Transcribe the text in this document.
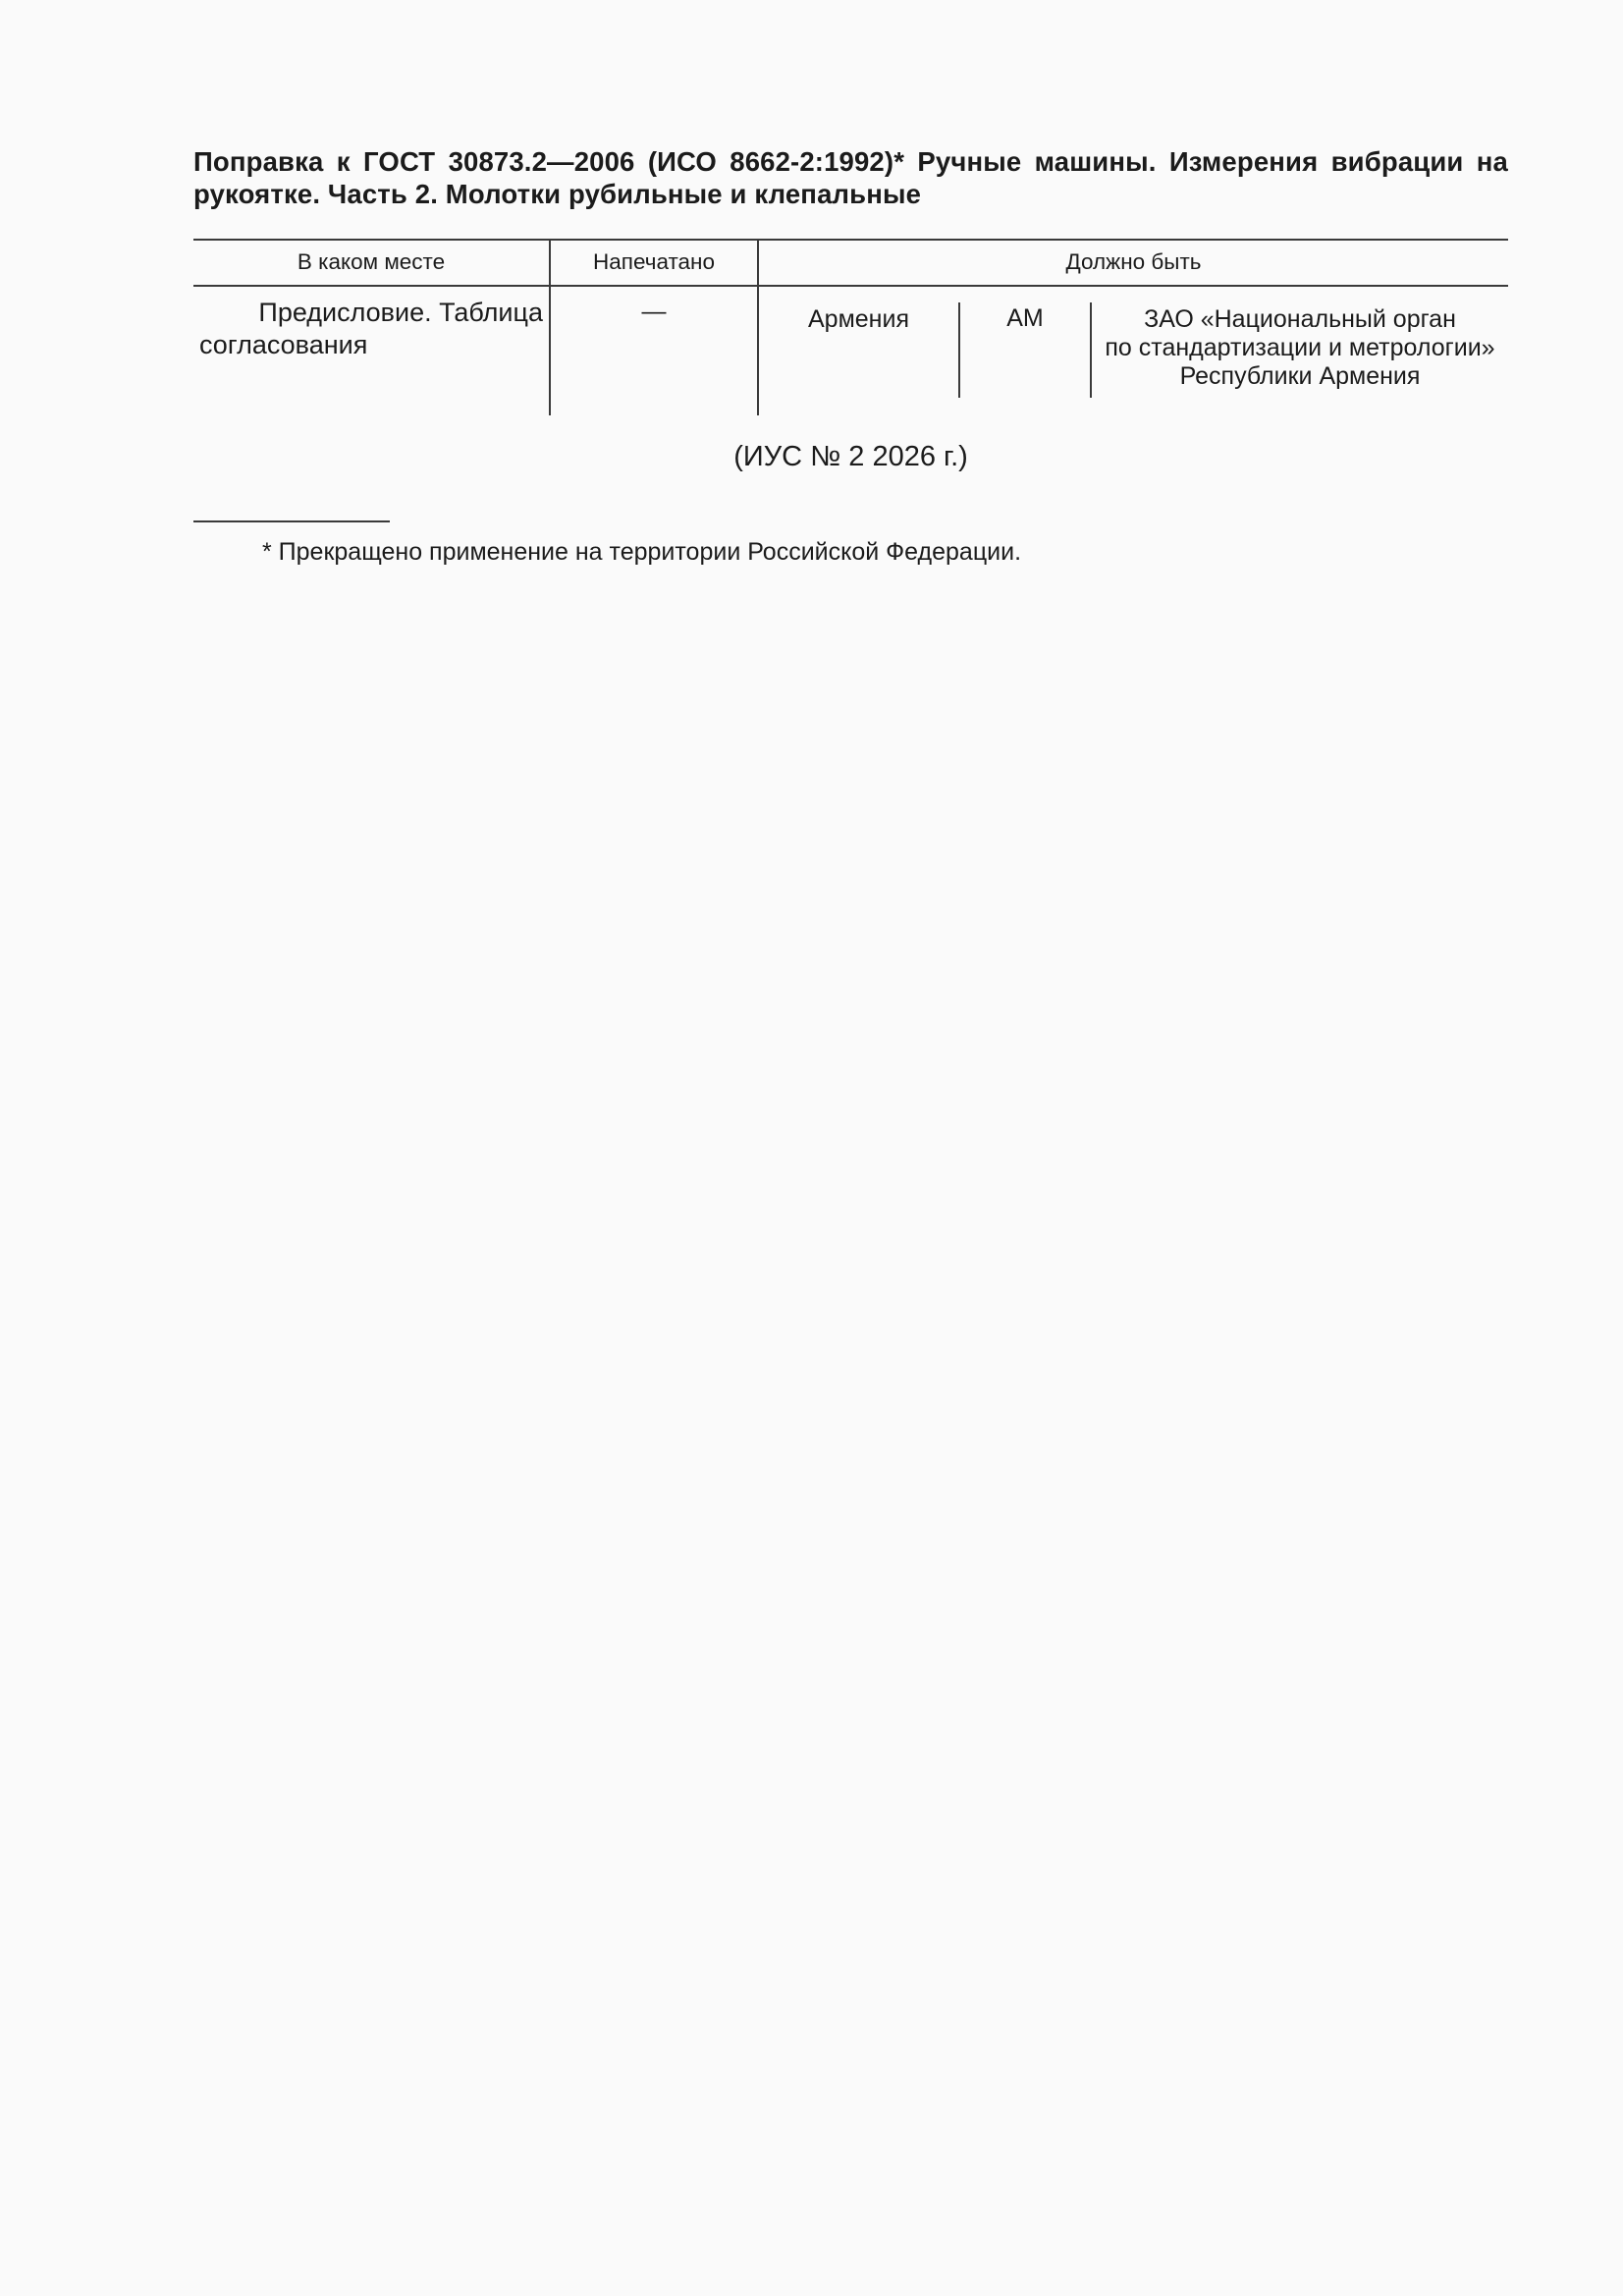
Поправка к ГОСТ 30873.2—2006 (ИСО 8662-2:1992)* Ручные машины. Измерения вибрации на рукоятке. Часть 2. Молотки рубильные и клепальные

В каком месте	Напечатано	Должно быть
Предисловие. Таблица
согласования
—	Армения	AM	ЗАО «Национальный орган
по стандартизации и метрологии»
Республики Армения
(ИУС № 2 2026 г.)
* Прекращено применение на территории Российской Федерации.
